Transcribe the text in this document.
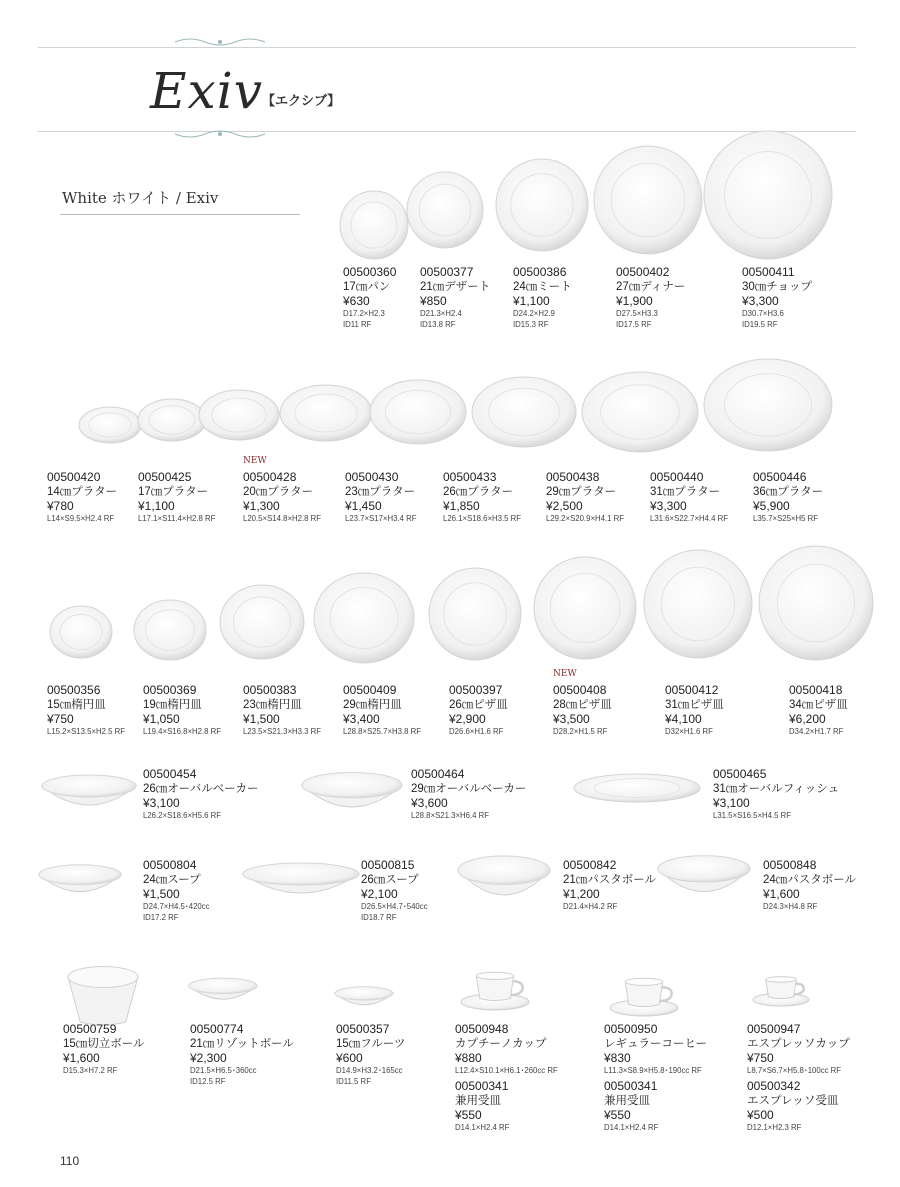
Exiv 【エクシブ】
White ホワイト / Exiv
00500360
17㎝パン
¥630
D17.2×H2.3
ID11 RF
00500377
21㎝デザート
¥850
D21.3×H2.4
ID13.8 RF
00500386
24㎝ミート
¥1,100
D24.2×H2.9
ID15.3 RF
00500402
27㎝ディナー
¥1,900
D27.5×H3.3
ID17.5 RF
00500411
30㎝チョップ
¥3,300
D30.7×H3.6
ID19.5 RF
00500420
14㎝プラター
¥780
L14×S9.5×H2.4 RF
00500425
17㎝プラター
¥1,100
L17.1×S11.4×H2.8 RF
NEW
00500428
20㎝プラター
¥1,300
L20.5×S14.8×H2.8 RF
00500430
23㎝プラター
¥1,450
L23.7×S17×H3.4 RF
00500433
26㎝プラター
¥1,850
L26.1×S18.6×H3.5 RF
00500438
29㎝プラター
¥2,500
L29.2×S20.9×H4.1 RF
00500440
31㎝プラター
¥3,300
L31.6×S22.7×H4.4 RF
00500446
36㎝プラター
¥5,900
L35.7×S25×H5 RF
00500356
15㎝楕円皿
¥750
L15.2×S13.5×H2.5 RF
00500369
19㎝楕円皿
¥1,050
L19.4×S16.8×H2.8 RF
00500383
23㎝楕円皿
¥1,500
L23.5×S21.3×H3.3 RF
00500409
29㎝楕円皿
¥3,400
L28.8×S25.7×H3.8 RF
00500397
26㎝ピザ皿
¥2,900
D26.6×H1.6 RF
NEW
00500408
28㎝ピザ皿
¥3,500
D28.2×H1.5 RF
00500412
31㎝ピザ皿
¥4,100
D32×H1.6 RF
00500418
34㎝ピザ皿
¥6,200
D34.2×H1.7 RF
00500454
26㎝オーバルベーカー
¥3,100
L26.2×S18.6×H5.6 RF
00500464
29㎝オーバルベーカー
¥3,600
L28.8×S21.3×H6.4 RF
00500465
31㎝オーバルフィッシュ
¥3,100
L31.5×S16.5×H4.5 RF
00500804
24㎝スープ
¥1,500
D24.7×H4.5･420cc
ID17.2 RF
00500815
26㎝スープ
¥2,100
D26.5×H4.7･540cc
ID18.7 RF
00500842
21㎝パスタボール
¥1,200
D21.4×H4.2 RF
00500848
24㎝パスタボール
¥1,600
D24.3×H4.8 RF
00500759
15㎝切立ボール
¥1,600
D15.3×H7.2 RF
00500774
21㎝リゾットボール
¥2,300
D21.5×H6.5･360cc
ID12.5 RF
00500357
15㎝フルーツ
¥600
D14.9×H3.2･165cc
ID11.5 RF
00500948
カプチーノカップ
¥880
L12.4×S10.1×H6.1･260cc RF
00500950
レギュラーコーヒー
¥830
L11.3×S8.9×H5.8･190cc RF
00500947
エスプレッソカップ
¥750
L8.7×S6.7×H5.8･100cc RF
00500341
兼用受皿
¥550
D14.1×H2.4 RF
00500341
兼用受皿
¥550
D14.1×H2.4 RF
00500342
エスプレッソ受皿
¥500
D12.1×H2.3 RF
110
